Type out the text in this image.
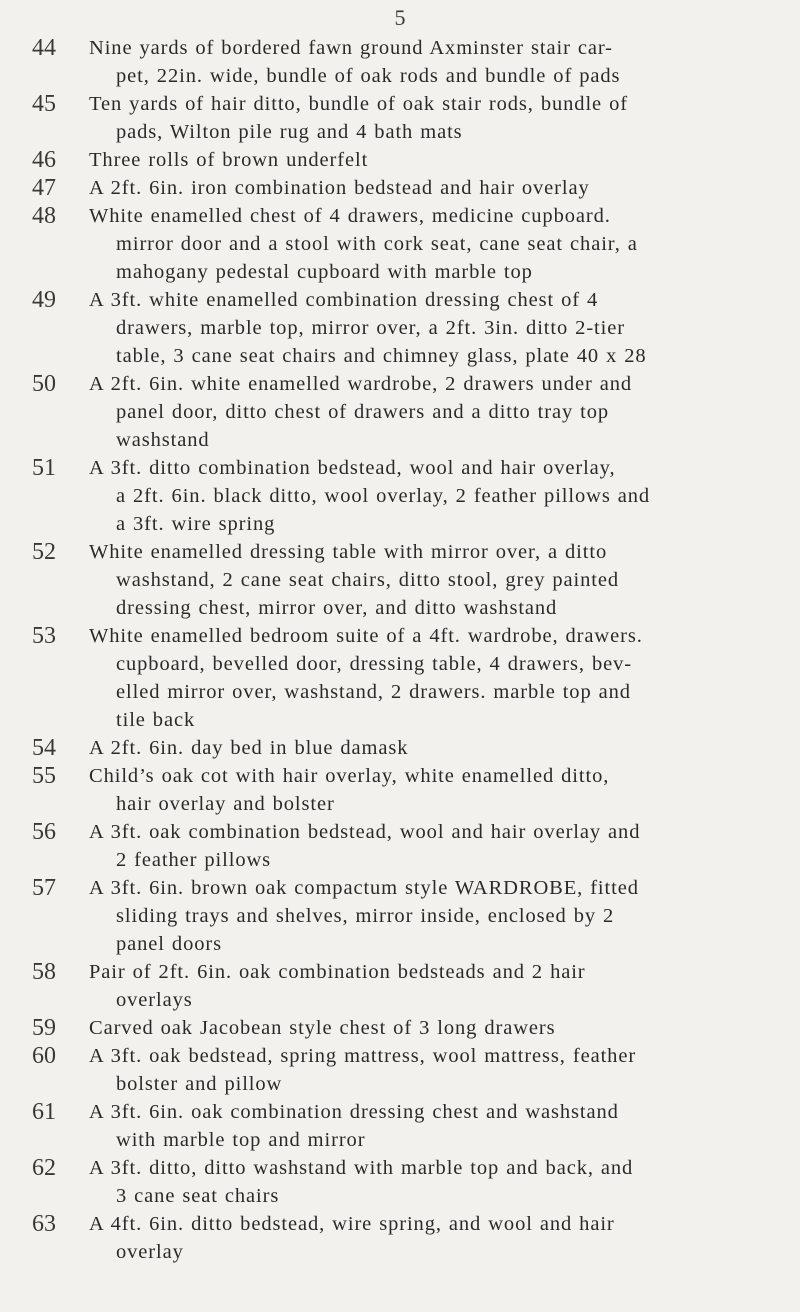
5
44	Nine yards of bordered fawn ground Axminster stair car-
pet, 22in. wide, bundle of oak rods and bundle of pads
45	Ten yards of hair ditto, bundle of oak stair rods, bundle of
pads, Wilton pile rug and 4 bath mats
46	Three rolls of brown underfelt
47	A 2ft. 6in. iron combination bedstead and hair overlay
48	White enamelled chest of 4 drawers, medicine cupboard.
mirror door and a stool with cork seat, cane seat chair, a
mahogany pedestal cupboard with marble top
49	A 3ft. white enamelled combination dressing chest of 4
drawers, marble top, mirror over, a 2ft. 3in. ditto 2-tier
table, 3 cane seat chairs and chimney glass, plate 40 x 28
50	A 2ft. 6in. white enamelled wardrobe, 2 drawers under and
panel door, ditto chest of drawers and a ditto tray top
washstand
51	A 3ft. ditto combination bedstead, wool and hair overlay,
a 2ft. 6in. black ditto, wool overlay, 2 feather pillows and
a 3ft. wire spring
52	White enamelled dressing table with mirror over, a ditto
washstand, 2 cane seat chairs, ditto stool, grey painted
dressing chest, mirror over, and ditto washstand
53	White enamelled bedroom suite of a 4ft. wardrobe, drawers.
cupboard, bevelled door, dressing table, 4 drawers, bev-
elled mirror over, washstand, 2 drawers. marble top and
tile back
54	A 2ft. 6in. day bed in blue damask
55	Child’s oak cot with hair overlay, white enamelled ditto,
hair overlay and bolster
56	A 3ft. oak combination bedstead, wool and hair overlay and
2 feather pillows
57	A 3ft. 6in. brown oak compactum style WARDROBE, fitted
sliding trays and shelves, mirror inside, enclosed by 2
panel doors
58	Pair of 2ft. 6in. oak combination bedsteads and 2 hair
overlays
59	Carved oak Jacobean style chest of 3 long drawers
60	A 3ft. oak bedstead, spring mattress, wool mattress, feather
bolster and pillow
61	A 3ft. 6in. oak combination dressing chest and washstand
with marble top and mirror
62	A 3ft. ditto, ditto washstand with marble top and back, and
3 cane seat chairs
63	A 4ft. 6in. ditto bedstead, wire spring, and wool and hair
overlay
